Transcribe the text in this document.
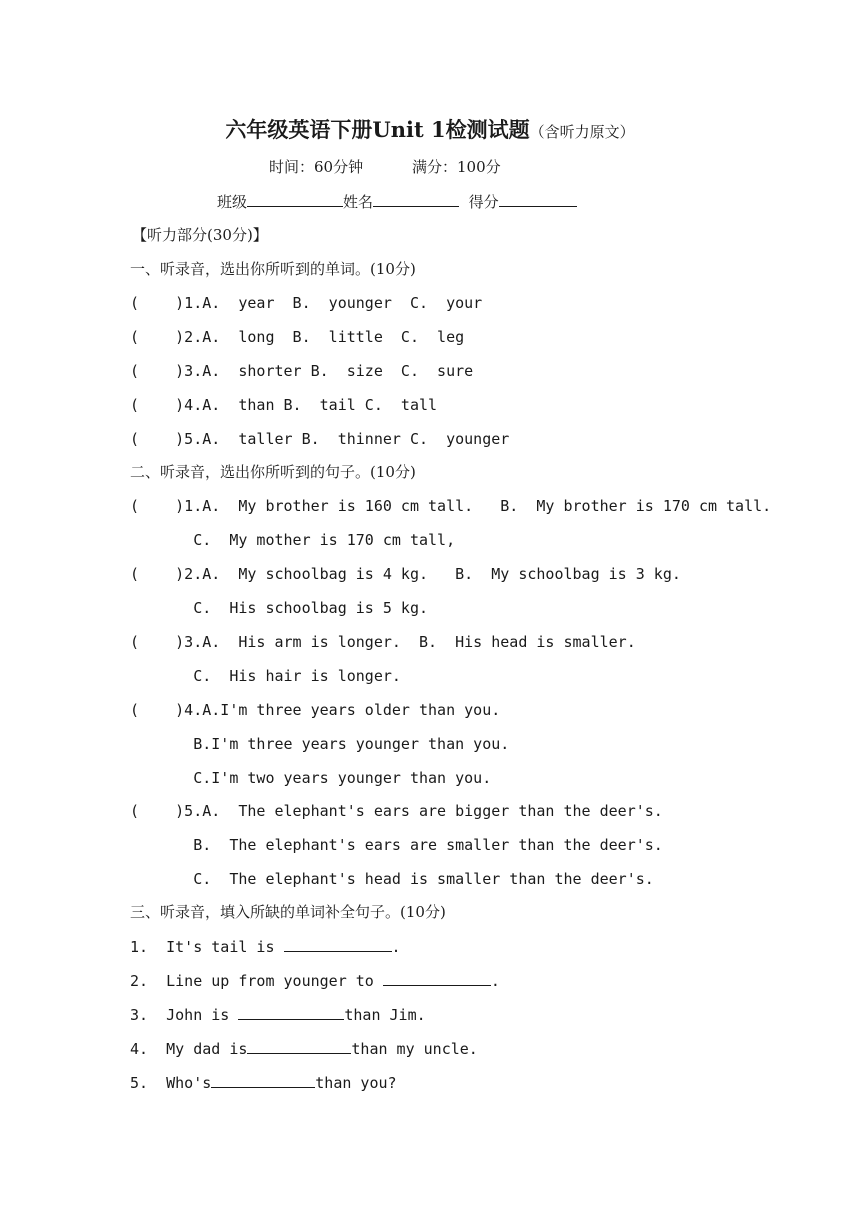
六年级英语下册Unit 1检测试题（含听力原文）
时间：60分钟	满分：100分
班级	姓名	得分
【听力部分(30分)】
一、听录音，选出你所听到的单词。(10分)
(    )1.A.  year  B.  younger  C.  your
(    )2.A.  long  B.  little  C.  leg
(    )3.A.  shorter B.  size  C.  sure
(    )4.A.  than B.  tail C.  tall
(    )5.A.  taller B.  thinner C.  younger
二、听录音，选出你所听到的句子。(10分)
(    )1.A.  My brother is 160 cm tall.   B.  My brother is 170 cm tall.
C.  My mother is 170 cm tall,
(    )2.A.  My schoolbag is 4 kg.   B.  My schoolbag is 3 kg.
C.  His schoolbag is 5 kg.
(    )3.A.  His arm is longer.  B.  His head is smaller.
C.  His hair is longer.
(    )4.A.I'm three years older than you.
B.I'm three years younger than you.
C.I'm two years younger than you.
(    )5.A.  The elephant's ears are bigger than the deer's.
B.  The elephant's ears are smaller than the deer's.
C.  The elephant's head is smaller than the deer's.
三、听录音，填入所缺的单词补全句子。(10分)
1.  It's tail is	.
2.  Line up from younger to	.
3.  John is	than Jim.
4.  My dad is	than my uncle.
5.  Who's	than you?
